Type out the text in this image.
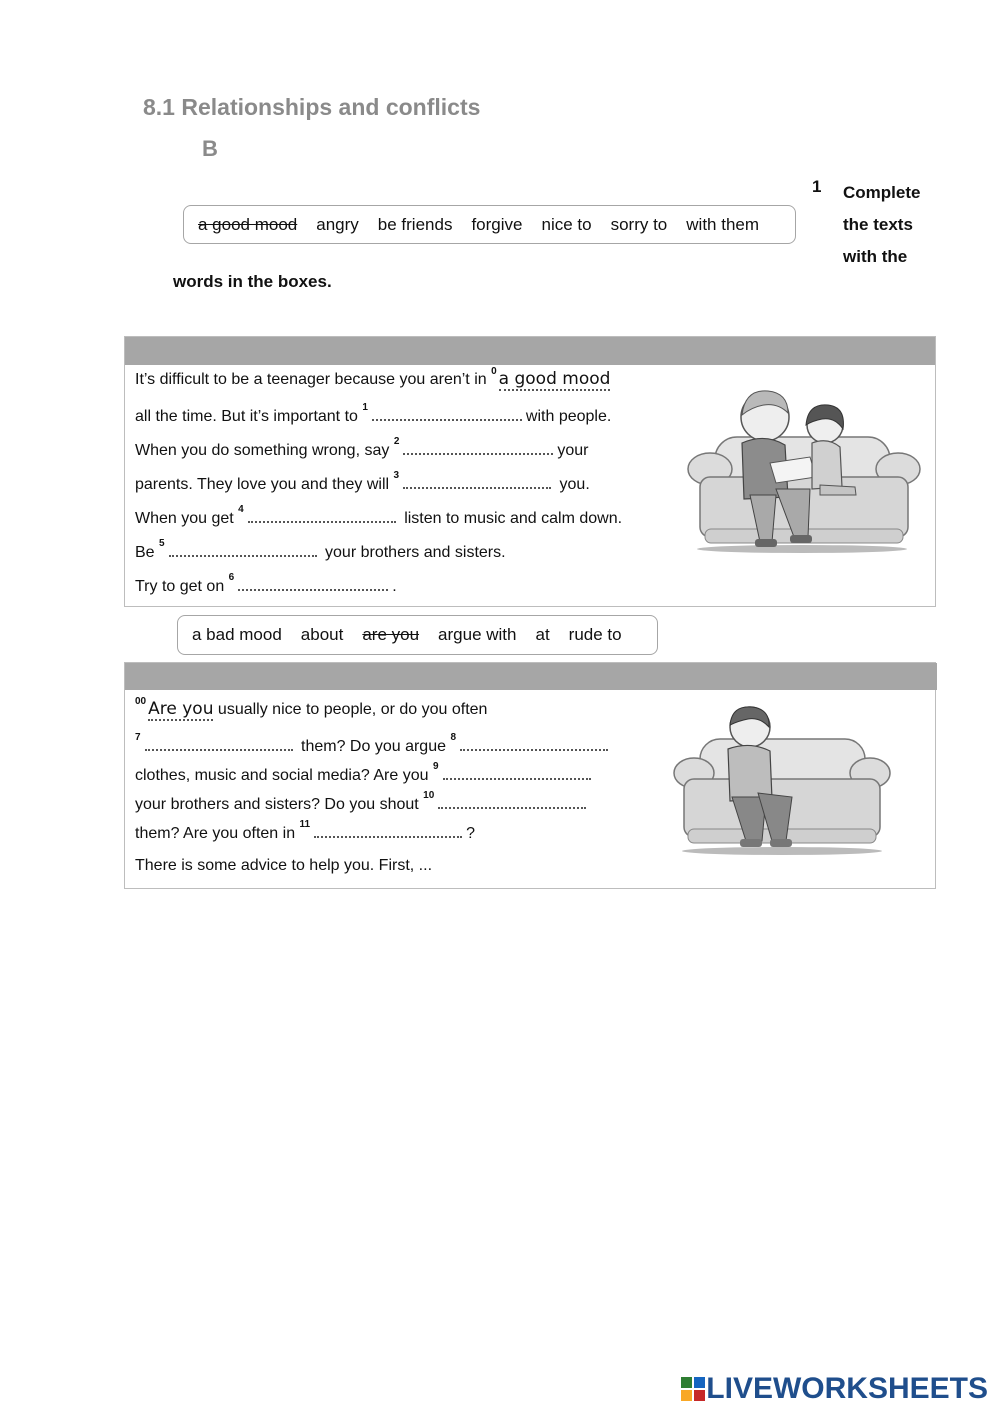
8.1 Relationships and conflicts
B
1 Complete
the texts
with the
words in the boxes.
a good mood angry be friends forgive nice to sorry to with them
It’s difficult to be a teenager because you aren’t in $^0$ a good mood
all the time. But it’s important to $^1$with people.
When you do something wrong, say $^2$your
parents. They love you and they will $^3$ you.
When you get $^4$ listen to music and calm down.
Be $^5$ your brothers and sisters.
Try to get on $^6$.
a bad mood about are you argue with at rude to
$^{00}$ Are you usually nice to people, or do you often
$^7$ them? Do you argue $^8$
clothes, music and social media? Are you $^9$
your brothers and sisters? Do you shout $^{10}$
them? Are you often in $^{11}$?
There is some advice to help you. First, ...
LIVEWORKSHEETS
